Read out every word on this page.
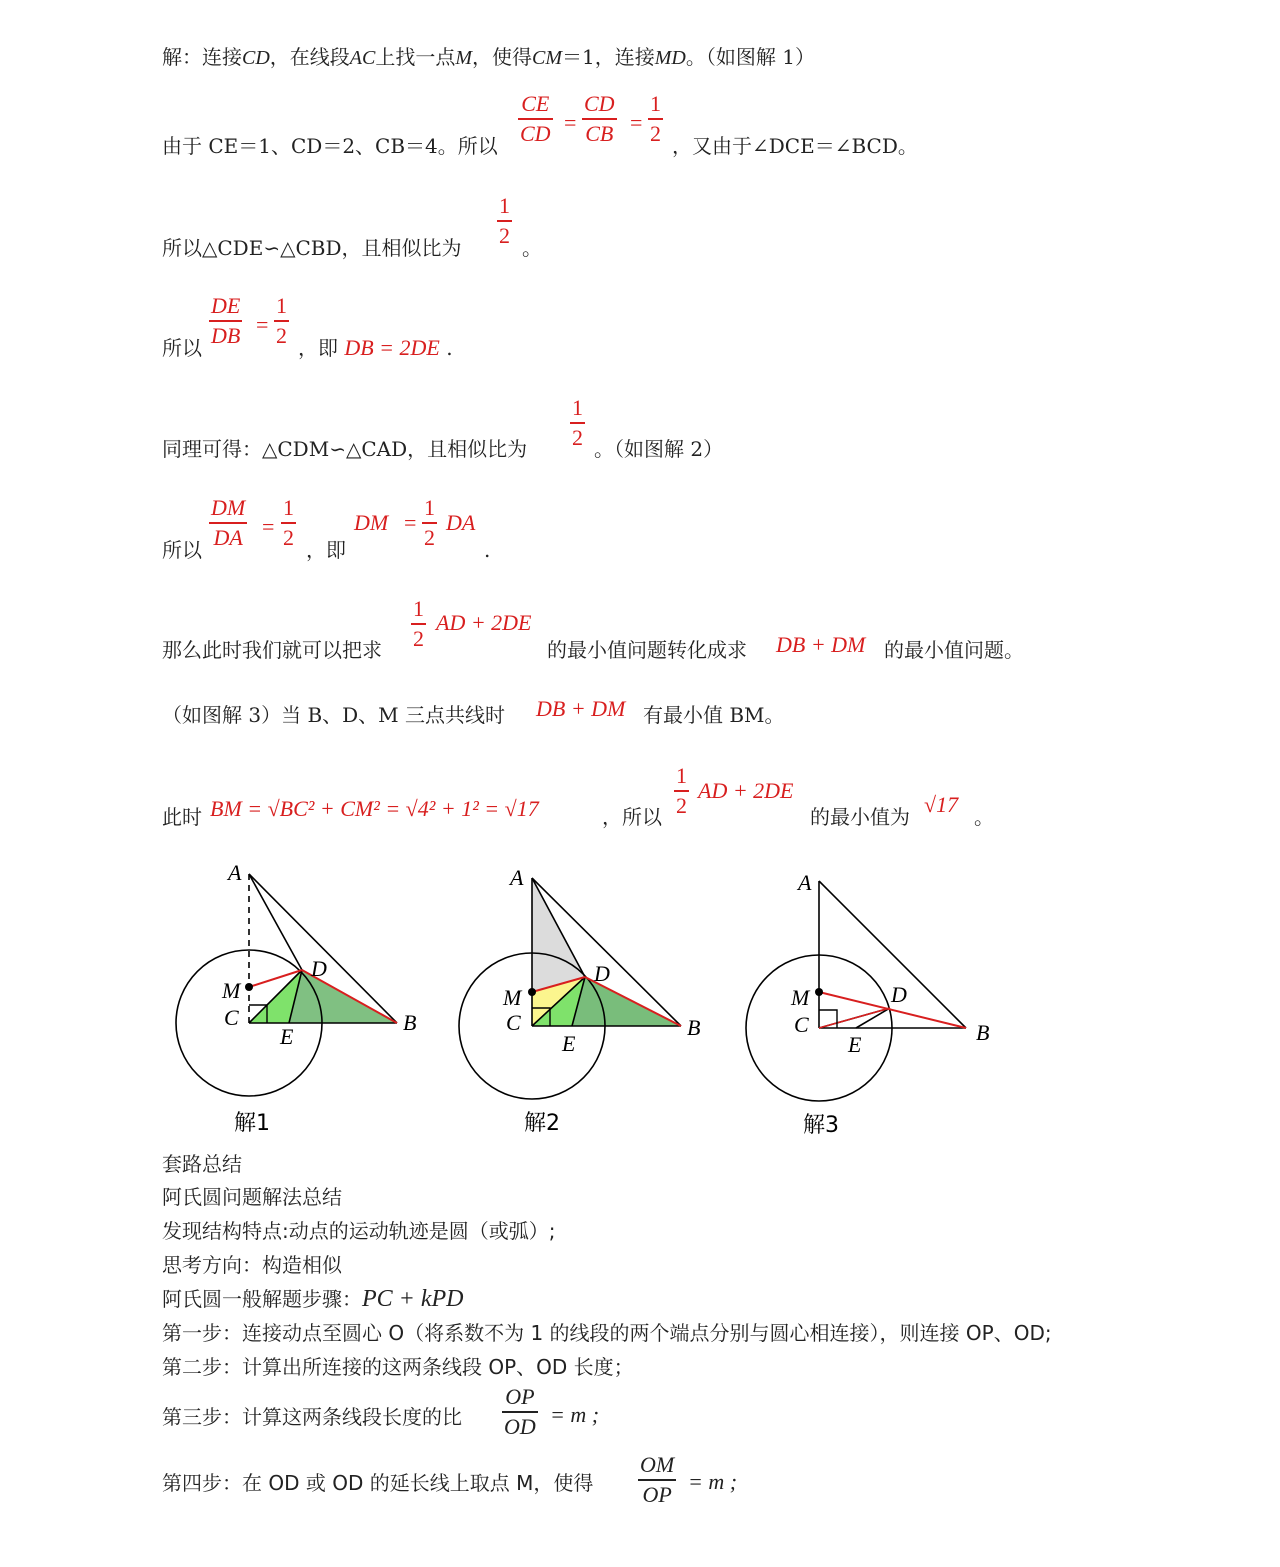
解：连接CD，在线段AC上找一点M，使得CM＝1，连接MD。（如图解 1）
由于 CE＝1、CD＝2、CB＝4。所以
CE
CD =
CD
CB =
1
2 ，又由于∠DCE＝∠BCD。
所以△CDE∽△CBD，且相似比为
1
2 。
所以
DE
DB =
1
2 ，即 DB = 2DE .
同理可得：△CDM∽△CAD，且相似比为
1
2 。（如图解 2）
所以
DM
DA =
1
2 ，即
DM =
1
2
DA
.
那么此时我们就可以把求
1
2
AD + 2DE
的最小值问题转化成求 DB + DM 的最小值问题。
（如图解 3）当 B、D、M 三点共线时 DB + DM 有最小值 BM。
此时 BM = √BC² + CM² = √4² + 1² = √17	，所以
1
2
AD + 2DE
的最小值为 √17 。
A
D
M
C
E
B
解1
A
D
M
C
E
B
解2
A
D
M
C
E	B
解3
套路总结
阿氏圆问题解法总结
发现结构特点:动点的运动轨迹是圆（或弧）;
思考方向：构造相似
阿氏圆一般解题步骤：PC + kPD
第一步：连接动点至圆心 O（将系数不为 1 的线段的两个端点分别与圆心相连接），则连接 OP、OD;
第二步：计算出所连接的这两条线段 OP、OD 长度；
第三步：计算这两条线段长度的比
OP
OD = m ;
第四步：在 OD 或 OD 的延长线上取点 M，使得
OM
OP
= m ;
